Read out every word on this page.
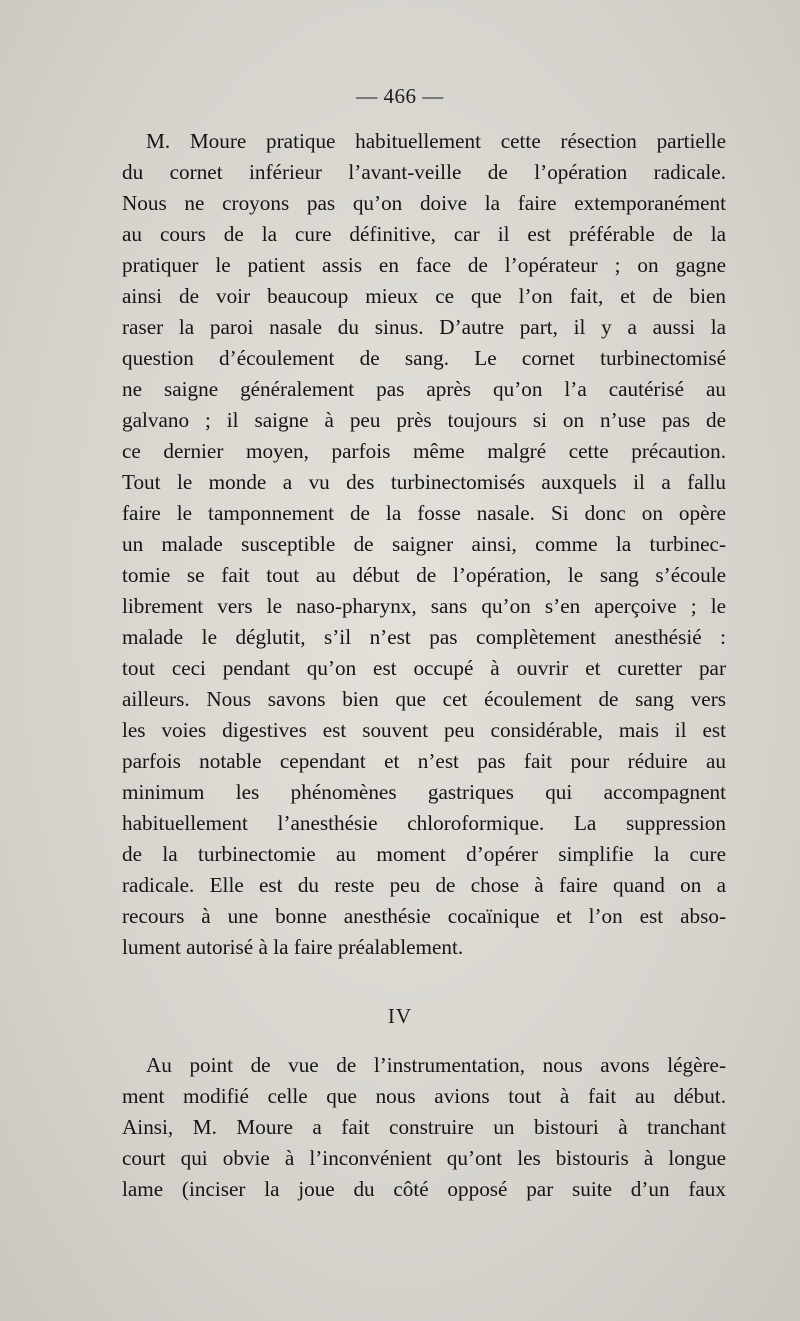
— 466 —
M. Moure pratique habituellement cette résection partielle
du cornet inférieur l’avant-veille de l’opération radicale.
Nous ne croyons pas qu’on doive la faire extemporanément
au cours de la cure définitive, car il est préférable de la
pratiquer le patient assis en face de l’opérateur ; on gagne
ainsi de voir beaucoup mieux ce que l’on fait, et de bien
raser la paroi nasale du sinus. D’autre part, il y a aussi la
question d’écoulement de sang. Le cornet turbinectomisé
ne saigne généralement pas après qu’on l’a cautérisé au
galvano ; il saigne à peu près toujours si on n’use pas de
ce dernier moyen, parfois même malgré cette précaution.
Tout le monde a vu des turbinectomisés auxquels il a fallu
faire le tamponnement de la fosse nasale. Si donc on opère
un malade susceptible de saigner ainsi, comme la turbinec-
tomie se fait tout au début de l’opération, le sang s’écoule
librement vers le naso-pharynx, sans qu’on s’en aperçoive ; le
malade le déglutit, s’il n’est pas complètement anesthésié :
tout ceci pendant qu’on est occupé à ouvrir et curetter par
ailleurs. Nous savons bien que cet écoulement de sang vers
les voies digestives est souvent peu considérable, mais il est
parfois notable cependant et n’est pas fait pour réduire au
minimum les phénomènes gastriques qui accompagnent
habituellement l’anesthésie chloroformique. La suppression
de la turbinectomie au moment d’opérer simplifie la cure
radicale. Elle est du reste peu de chose à faire quand on a
recours à une bonne anesthésie cocaïnique et l’on est abso-
lument autorisé à la faire préalablement.
IV
Au point de vue de l’instrumentation, nous avons légère-
ment modifié celle que nous avions tout à fait au début.
Ainsi, M. Moure a fait construire un bistouri à tranchant
court qui obvie à l’inconvénient qu’ont les bistouris à longue
lame (inciser la joue du côté opposé par suite d’un faux
